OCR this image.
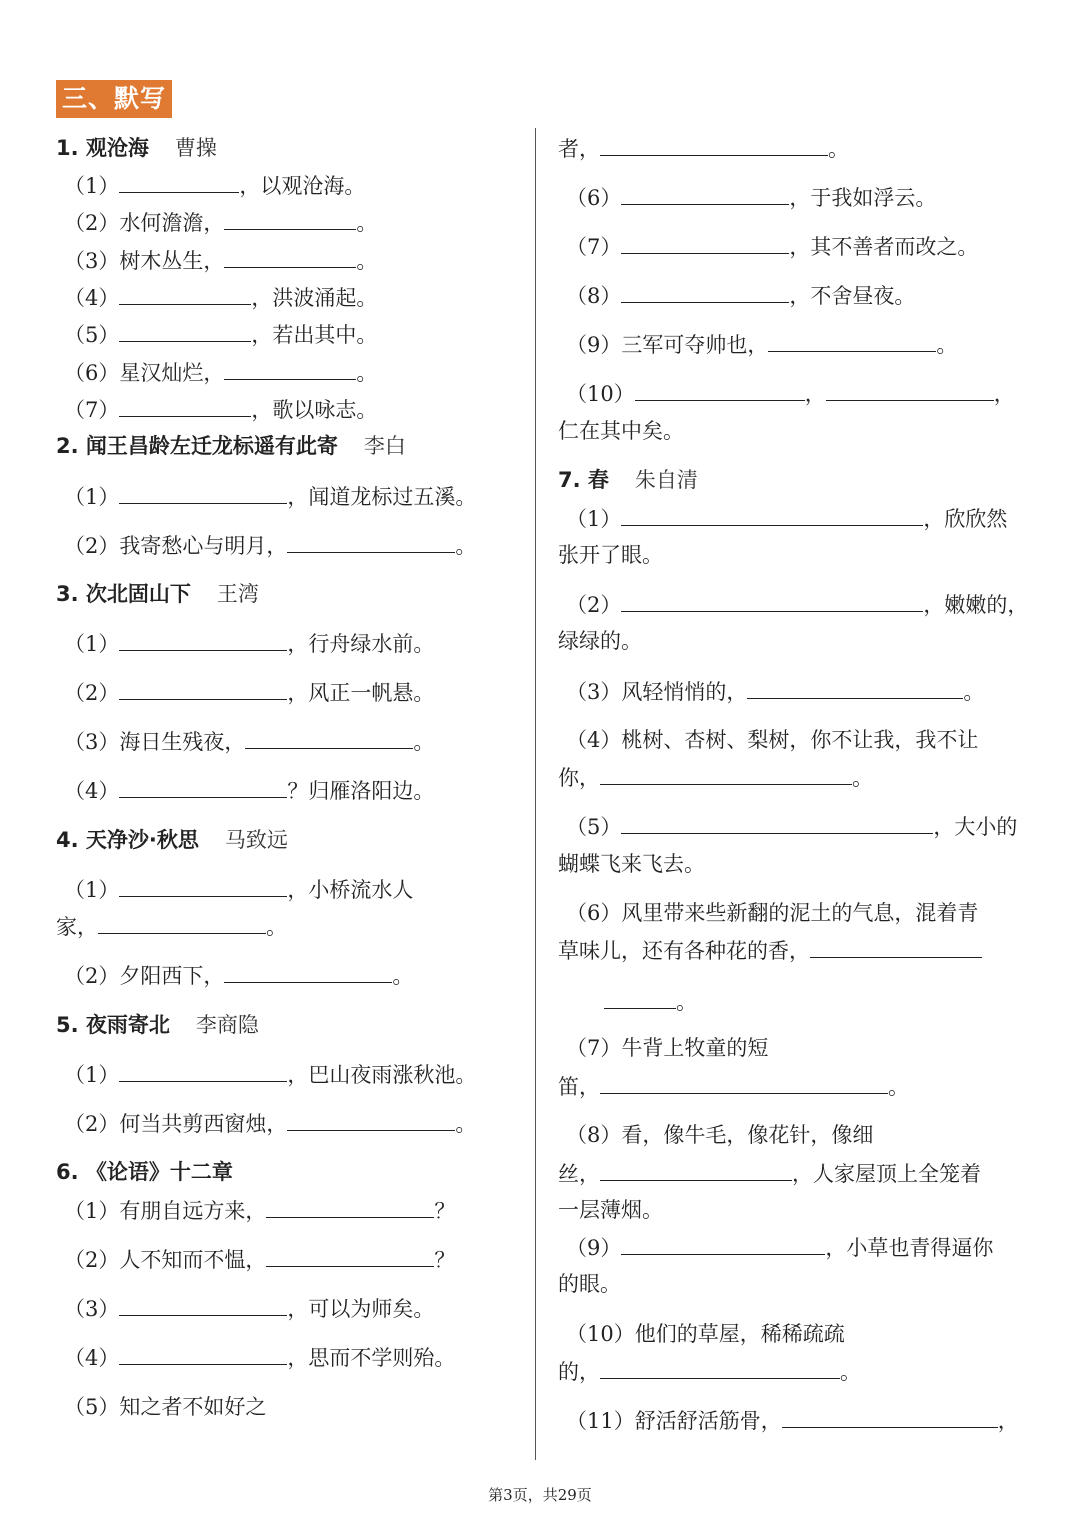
三、默写
1. 观沧海 曹操
（1）	，以观沧海。
（2）水何澹澹，	。
（3）树木丛生，	。
（4）	，洪波涌起。
（5）	，若出其中。
（6）星汉灿烂，	。
（7）	，歌以咏志。
2. 闻王昌龄左迁龙标遥有此寄 李白
（1）	，闻道龙标过五溪。
（2）我寄愁心与明月，	。
3. 次北固山下 王湾
（1）	，行舟绿水前。
（2）	，风正一帆悬。
（3）海日生残夜，	。
（4）	？归雁洛阳边。
4. 天净沙·秋思 马致远
（1）	，小桥流水人
家，	。
（2）夕阳西下，	。
5. 夜雨寄北 李商隐
（1）	，巴山夜雨涨秋池。
（2）何当共剪西窗烛，	。
6. 《论语》十二章
（1）有朋自远方来，	？
（2）人不知而不愠，	？
（3）	，可以为师矣。
（4）	，思而不学则殆。
（5）知之者不如好之
者，	。
（6）	，于我如浮云。
（7）	，其不善者而改之。
（8）	，不舍昼夜。
（9）三军可夺帅也，	。
（10）	，	，
仁在其中矣。
7. 春 朱自清
（1）	，欣欣然
张开了眼。
（2）	，嫩嫩的，
绿绿的。
（3）风轻悄悄的，	。
（4）桃树、杏树、梨树，你不让我，我不让
你，	。
（5）	，大小的
蝴蝶飞来飞去。
（6）风里带来些新翻的泥土的气息，混着青
草味儿，还有各种花的香，
。
（7）牛背上牧童的短
笛，	。
（8）看，像牛毛，像花针，像细
丝，	，人家屋顶上全笼着
一层薄烟。
（9）	，小草也青得逼你
的眼。
（10）他们的草屋，稀稀疏疏
的，	。
（11）舒活舒活筋骨，	，
第3页，共29页
